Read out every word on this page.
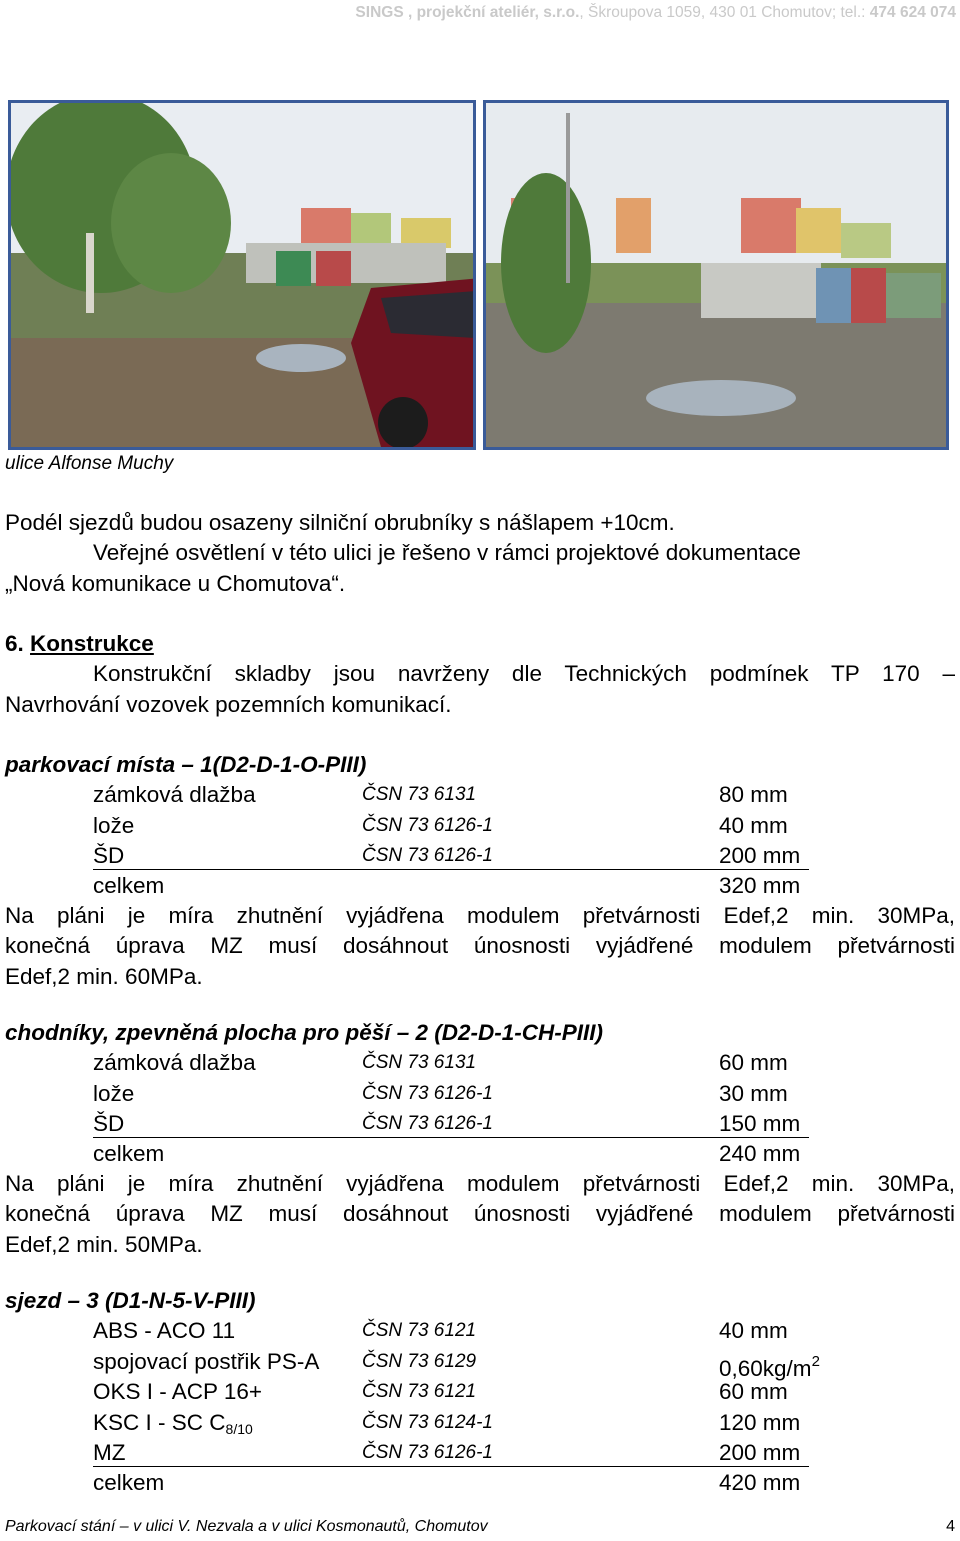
SINGS , projekční ateliér, s.r.o., Škroupova 1059, 430 01 Chomutov; tel.: 474 624 074
ulice Alfonse Muchy
Podél sjezdů budou osazeny silniční obrubníky s nášlapem +10cm.
Veřejné osvětlení v této ulici je řešeno v rámci projektové dokumentace
„Nová komunikace u Chomutova“.
6. Konstrukce
Konstrukční skladby jsou navrženy dle Technických podmínek TP 170 –
Navrhování vozovek pozemních komunikací.
parkovací místa – 1(D2-D-1-O-PIII)
zámková dlažba	ČSN 73 6131	80 mm
lože	ČSN 73 6126-1	40 mm
ŠD	ČSN 73 6126-1	200 mm
celkem	320 mm
Na pláni je míra zhutnění vyjádřena modulem přetvárnosti Edef,2 min. 30MPa,
konečná úprava MZ musí dosáhnout únosnosti vyjádřené modulem přetvárnosti
Edef,2 min. 60MPa.
chodníky, zpevněná plocha pro pěší – 2 (D2-D-1-CH-PIII)
zámková dlažba	ČSN 73 6131	60 mm
lože	ČSN 73 6126-1	30 mm
ŠD	ČSN 73 6126-1	150 mm
celkem	240 mm
Na pláni je míra zhutnění vyjádřena modulem přetvárnosti Edef,2 min. 30MPa,
konečná úprava MZ musí dosáhnout únosnosti vyjádřené modulem přetvárnosti
Edef,2 min. 50MPa.
sjezd – 3 (D1-N-5-V-PIII)
ABS - ACO 11	ČSN 73 6121	40 mm
spojovací postřik PS-A ČSN 73 6129	$0,60kg/m^2$
OKS I - ACP 16+	ČSN 73 6121	60 mm
KSC I - SC $C_{8/10}$	ČSN 73 6124-1	120 mm
MZ	ČSN 73 6126-1	200 mm
celkem	420 mm
Parkovací stání – v ulici V. Nezvala a v ulici Kosmonautů, Chomutov	4
